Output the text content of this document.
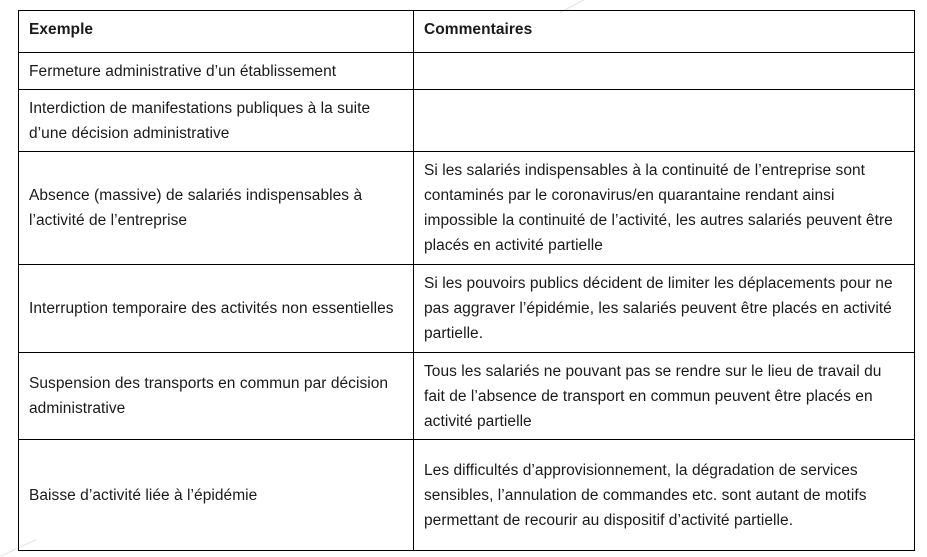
Exemple	Commentaires
Fermeture administrative d’un établissement	
Interdiction de manifestations publiques à la suite d’une décision administrative	
Absence (massive) de salariés indispensables à l’activité de l’entreprise	Si les salariés indispensables à la continuité de l’entreprise sont contaminés par le coronavirus/en quarantaine rendant ainsi impossible la continuité de l’activité, les autres salariés peuvent être placés en activité partielle
Interruption temporaire des activités non essentielles	Si les pouvoirs publics décident de limiter les déplacements pour ne pas aggraver l’épidémie, les salariés peuvent être placés en activité partielle.
Suspension des transports en commun par décision administrative	Tous les salariés ne pouvant pas se rendre sur le lieu de travail du fait de l’absence de transport en commun peuvent être placés en activité partielle
Baisse d’activité liée à l’épidémie	Les difficultés d’approvisionnement, la dégradation de services sensibles, l’annulation de commandes etc. sont autant de motifs permettant de recourir au dispositif d’activité partielle.
